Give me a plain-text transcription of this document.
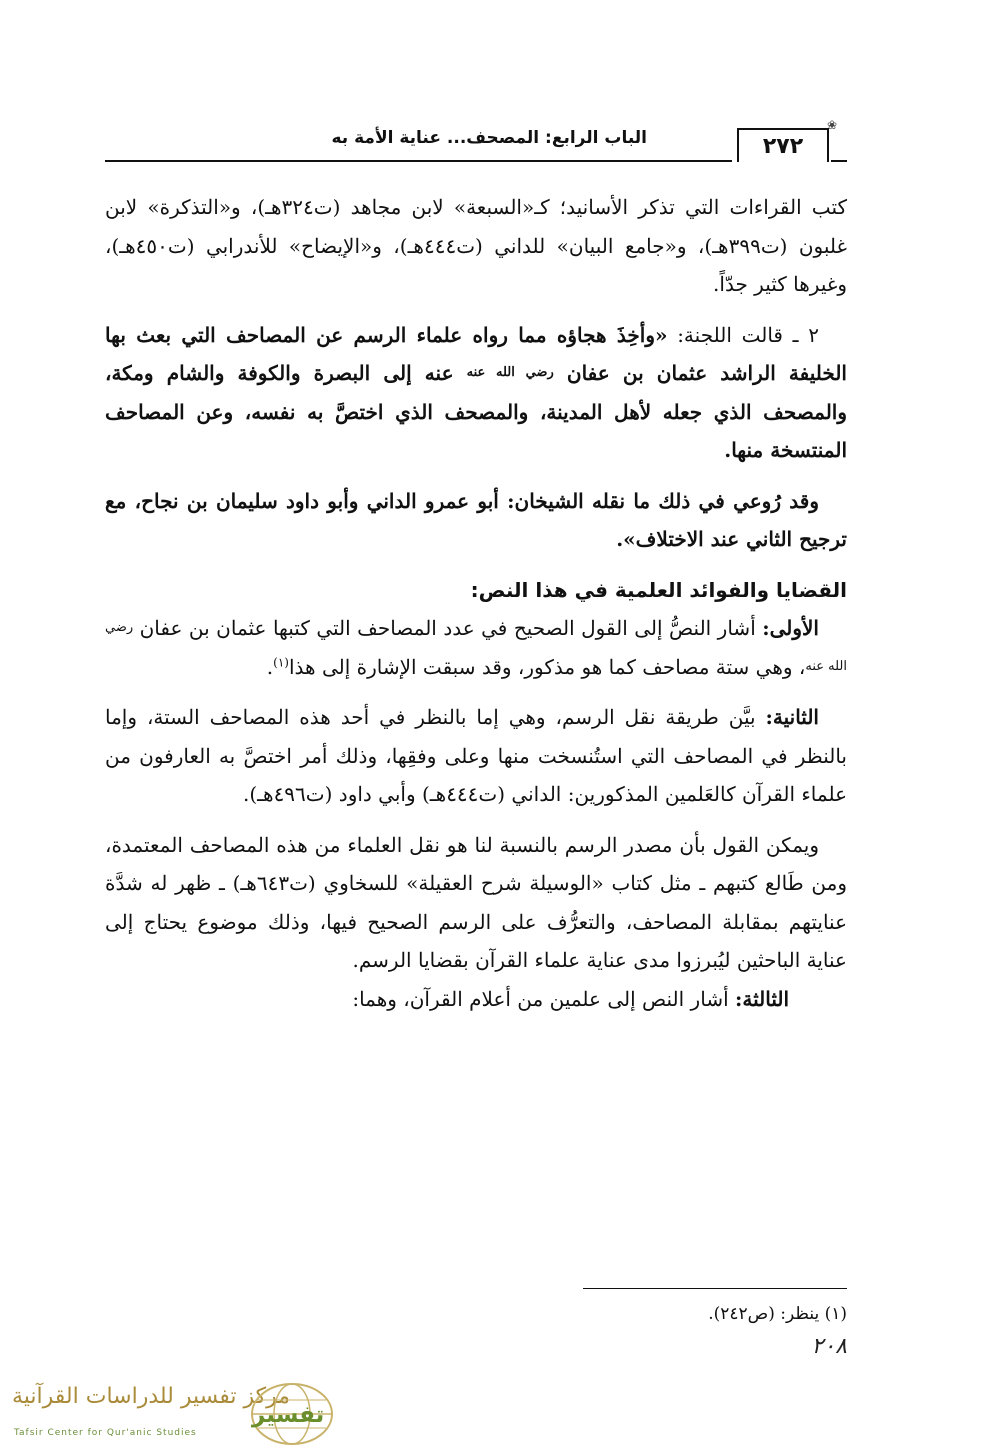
الباب الرابع: المصحف... عناية الأمة به	٢٧٢
❀

كتب القراءات التي تذكر الأسانيد؛ كـ«السبعة» لابن مجاهد (ت٣٢٤هـ)، و«التذكرة» لابن غلبون (ت٣٩٩هـ)، و«جامع البيان» للداني (ت٤٤٤هـ)، و«الإيضاح» للأندرابي (ت٤٥٠هـ)، وغيرها كثير جدّاً.

٢ ـ قالت اللجنة: «وأخِذَ هجاؤه مما رواه علماء الرسم عن المصاحف التي بعث بها الخليفة الراشد عثمان بن عفان $^{رضي الله عنه}$ عنه إلى البصرة والكوفة والشام ومكة، والمصحف الذي جعله لأهل المدينة، والمصحف الذي اختصَّ به نفسه، وعن المصاحف المنتسخة منها.

وقد رُوعي في ذلك ما نقله الشيخان: أبو عمرو الداني وأبو داود سليمان بن نجاح، مع ترجيح الثاني عند الاختلاف».

القضايا والفوائد العلمية في هذا النص:

الأولى: أشار النصُّ إلى القول الصحيح في عدد المصاحف التي كتبها عثمان بن عفان $^{رضي الله عنه}$، وهي ستة مصاحف كما هو مذكور، وقد سبقت الإشارة إلى هذا$^{(١)}$.

الثانية: بيَّن طريقة نقل الرسم، وهي إما بالنظر في أحد هذه المصاحف الستة، وإما بالنظر في المصاحف التي استُنسخت منها وعلى وفقِها، وذلك أمر اختصَّ به العارفون من علماء القرآن كالعَلمين المذكورين: الداني (ت٤٤٤هـ) وأبي داود (ت٤٩٦هـ).

ويمكن القول بأن مصدر الرسم بالنسبة لنا هو نقل العلماء من هذه المصاحف المعتمدة، ومن طَالع كتبهم ـ مثل كتاب «الوسيلة شرح العقيلة» للسخاوي (ت٦٤٣هـ) ـ ظهر له شدَّة عنايتهم بمقابلة المصاحف، والتعرُّف على الرسم الصحيح فيها، وذلك موضوع يحتاج إلى عناية الباحثين ليُبرزوا مدى عناية علماء القرآن بقضايا الرسم.

الثالثة: أشار النص إلى علمين من أعلام القرآن، وهما:

(١) ينظر: (ص٢٤٢).
٢٠٨
مركز تفسير للدراسات القرآنية
Tafsir Center for Qur'anic Studies
تفسير
